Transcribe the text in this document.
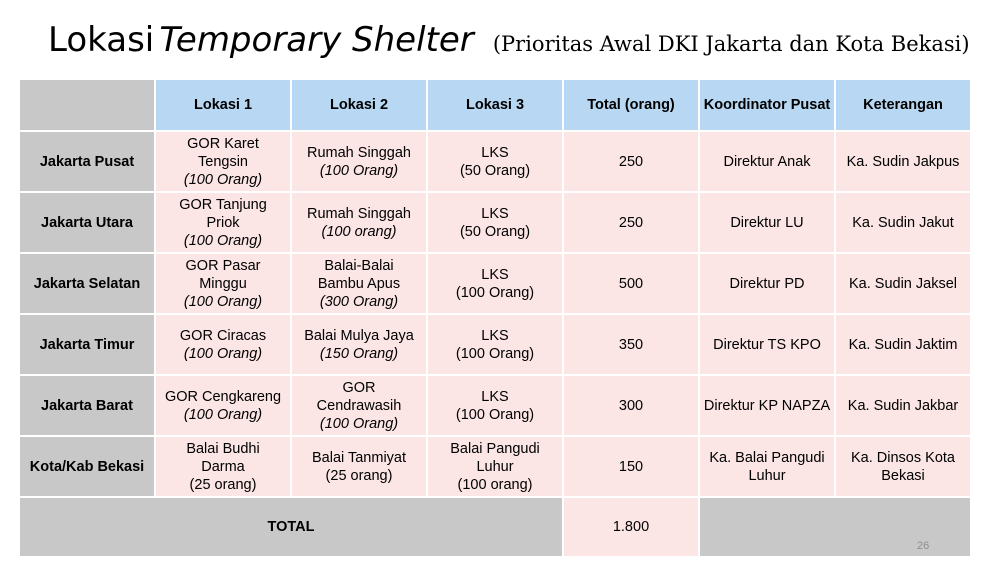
Lokasi Temporary Shelter (Prioritas Awal DKI Jakarta dan Kota Bekasi)
	Lokasi 1	Lokasi 2	Lokasi 3	Total (orang)	Koordinator Pusat	Keterangan
Jakarta Pusat	GOR Karet
Tengsin
(100 Orang)	Rumah Singgah
(100 Orang)	LKS
(50 Orang)	250	Direktur Anak	Ka. Sudin Jakpus
Jakarta Utara	GOR Tanjung
Priok
(100 Orang)	Rumah Singgah
(100 orang)	LKS
(50 Orang)	250	Direktur LU	Ka. Sudin Jakut
Jakarta Selatan	GOR Pasar
Minggu
(100 Orang)	Balai-Balai
Bambu Apus
(300 Orang)	LKS
(100 Orang)	500	Direktur PD	Ka. Sudin Jaksel
Jakarta Timur	GOR Ciracas
(100 Orang)	Balai Mulya Jaya
(150 Orang)	LKS
(100 Orang)	350	Direktur TS KPO	Ka. Sudin Jaktim
Jakarta Barat	GOR Cengkareng
(100 Orang)	GOR
Cendrawasih
(100 Orang)	LKS
(100 Orang)	300	Direktur KP NAPZA	Ka. Sudin Jakbar
Kota/Kab Bekasi	Balai Budhi
Darma
(25 orang)	Balai Tanmiyat
(25 orang)	Balai Pangudi
Luhur
(100 orang)	150	Ka. Balai Pangudi Luhur	Ka. Dinsos Kota Bekasi
TOTAL				1.800		
26
